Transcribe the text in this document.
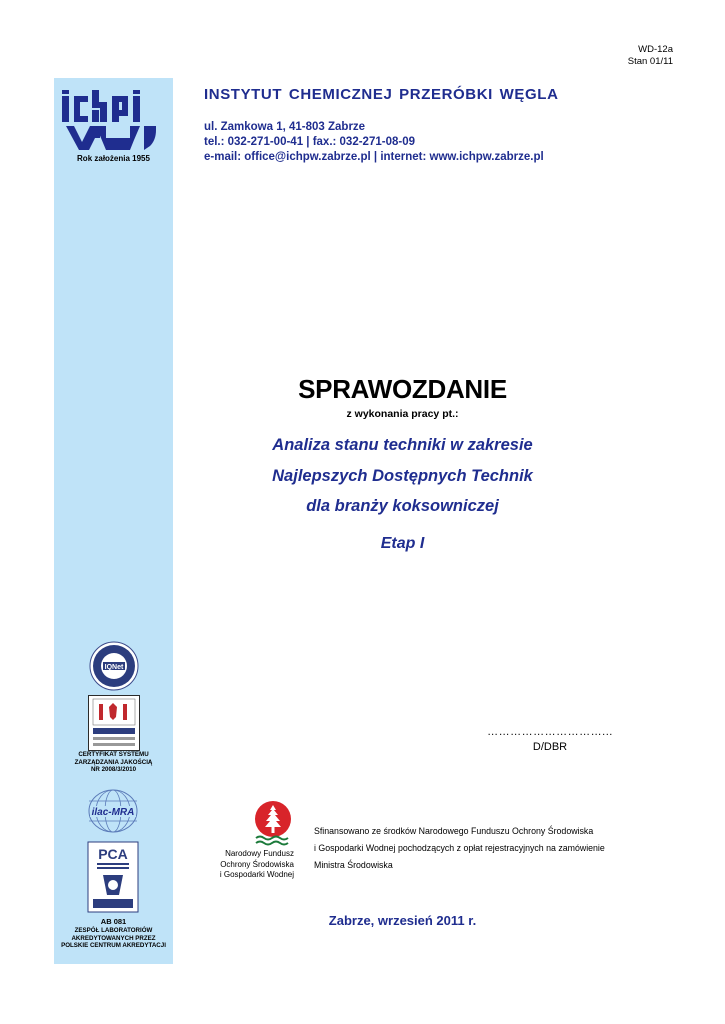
WD-12a
Stan 01/11
Rok założenia 1955
IQNet
CERTYFIKAT SYSTEMU
ZARZĄDZANIA JAKOŚCIĄ
NR 2008/3/2010
ilac-MRA
PCA
AB 081
ZESPÓŁ LABORATORIÓW
AKREDYTOWANYCH PRZEZ
POLSKIE CENTRUM AKREDYTACJI
INSTYTUT CHEMICZNEJ PRZERÓBKI WĘGLA
ul. Zamkowa 1, 41-803 Zabrze
tel.: 032-271-00-41 | fax.: 032-271-08-09
e-mail: office@ichpw.zabrze.pl | internet: www.ichpw.zabrze.pl
SPRAWOZDANIE
z wykonania pracy pt.:
Analiza stanu techniki w zakresie
Najlepszych Dostępnych Technik
dla branży koksowniczej
Etap I
…………………………...
D/DBR
Narodowy Fundusz
Ochrony Środowiska
i Gospodarki Wodnej
Sfinansowano ze środków Narodowego Funduszu Ochrony Środowiska
i Gospodarki Wodnej pochodzących z opłat rejestracyjnych na zamówienie
Ministra Środowiska
Zabrze, wrzesień 2011 r.
